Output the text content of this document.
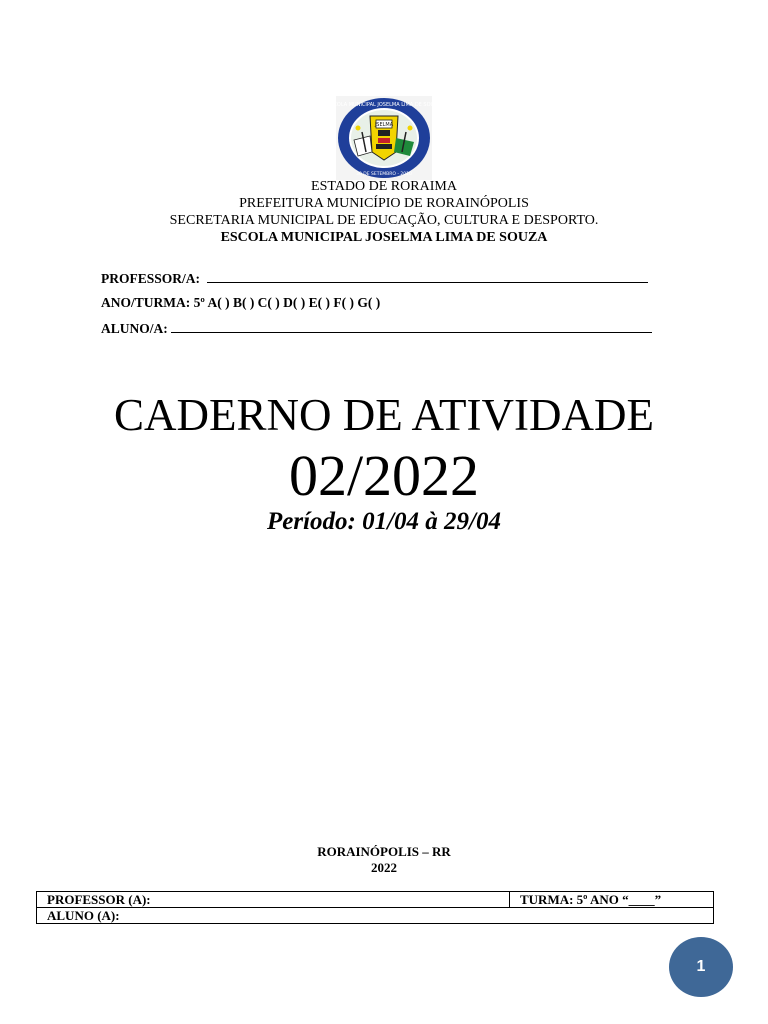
ESCOLA MUNICIPAL JOSELMA LIMA DE SOUZA
JSELMA
30 DE SETEMBRO - 2010
ESTADO DE RORAIMA
PREFEITURA MUNICÍPIO DE RORAINÓPOLIS
SECRETARIA MUNICIPAL DE EDUCAÇÃO, CULTURA E DESPORTO.
ESCOLA MUNICIPAL JOSELMA LIMA DE SOUZA
PROFESSOR/A:
ANO/TURMA: 5º A( ) B( ) C( ) D( ) E( ) F( ) G( )
ALUNO/A:
CADERNO DE ATIVIDADE
02/2022
Período: 01/04 à 29/04
RORAINÓPOLIS – RR
2022
PROFESSOR (A):	TURMA: 5º ANO “____”
ALUNO (A):
1
